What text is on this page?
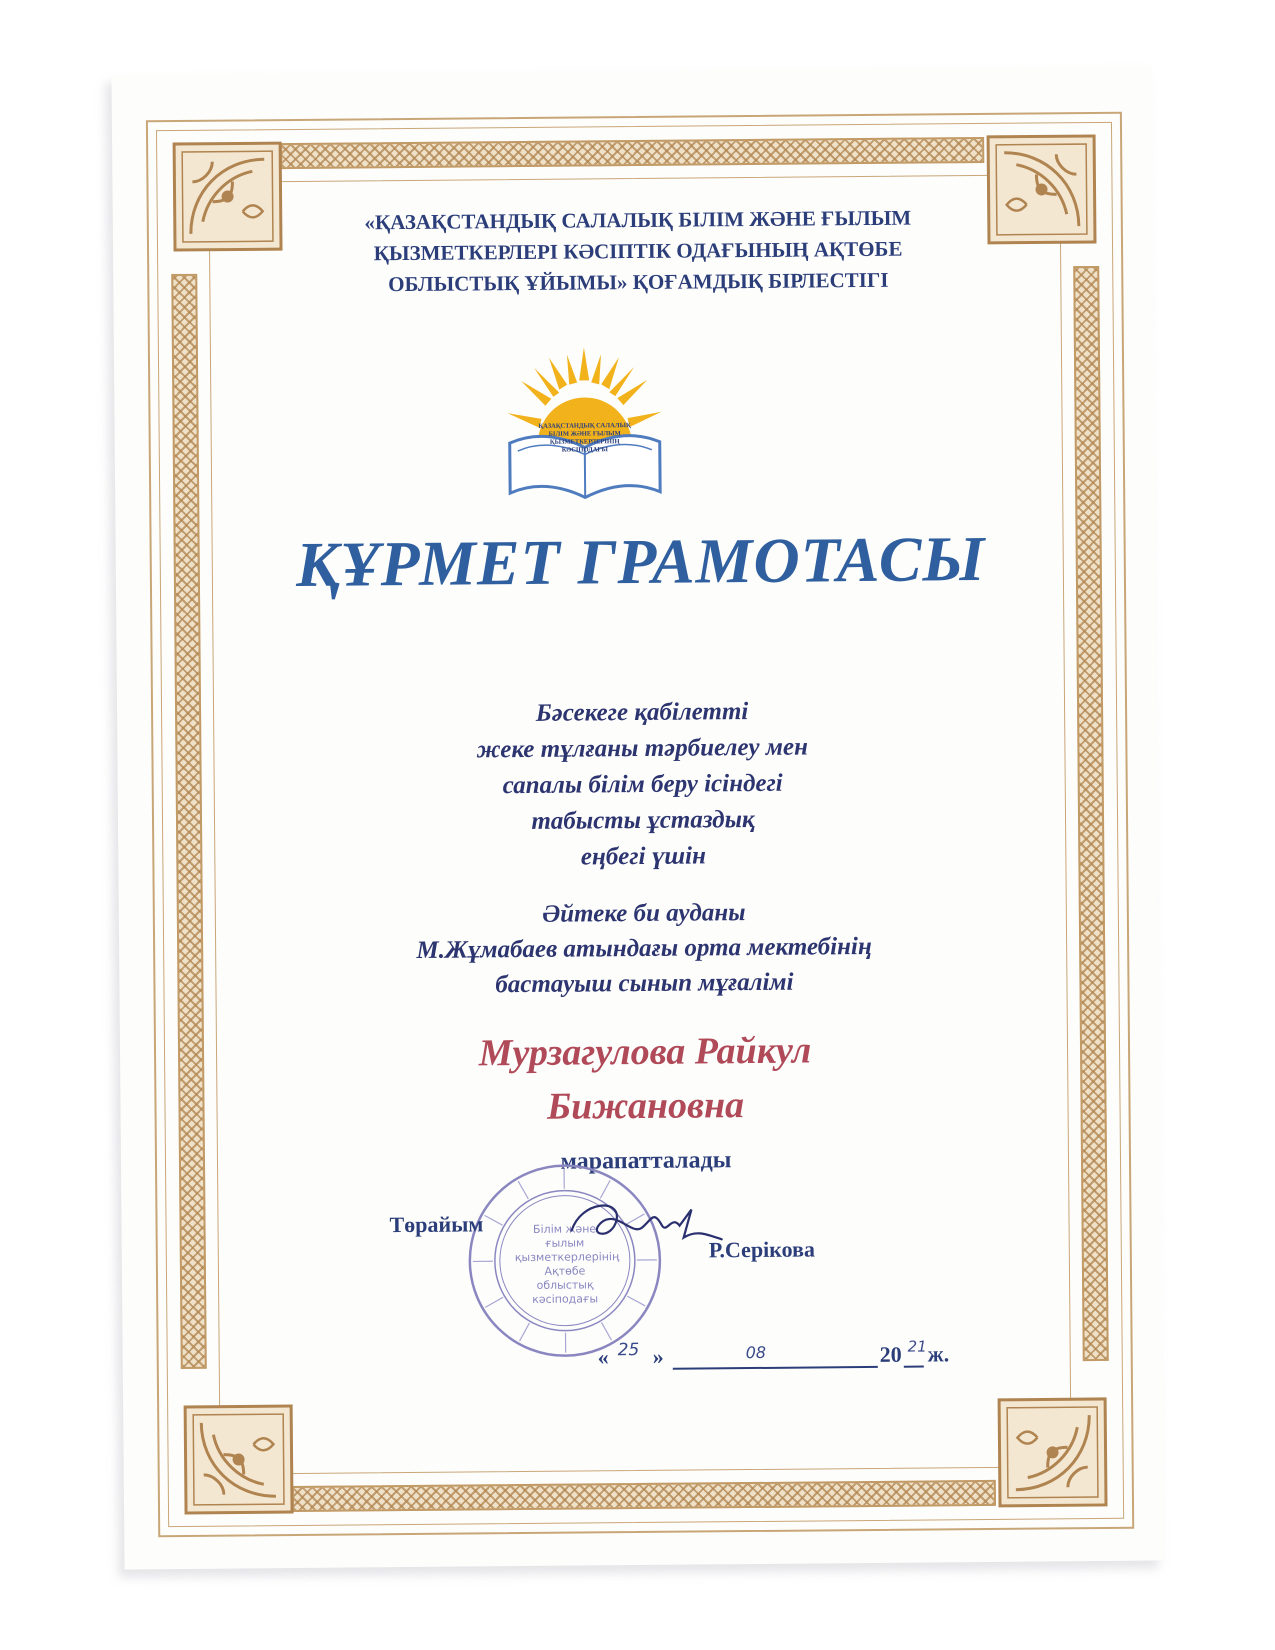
«ҚАЗАҚСТАНДЫҚ САЛАЛЫҚ БІЛІМ ЖӘНЕ ҒЫЛЫМ
ҚЫЗМЕТКЕРЛЕРІ КӘСІПТІК ОДАҒЫНЫҢ АҚТӨБЕ
ОБЛЫСТЫҚ ҰЙЫМЫ» ҚОҒАМДЫҚ БІРЛЕСТІГІ
ҚАЗАҚСТАНДЫҚ САЛАЛЫҚ
БІЛІМ ЖӘНЕ ҒЫЛЫМ
ҚЫЗМЕТКЕРЛЕРІНІҢ
КӘСІПОДАҒЫ
ҚҰРМЕТ ГРАМОТАСЫ
Бәсекеге қабілетті
жеке тұлғаны тәрбиелеу мен
сапалы білім беру ісіндегі
табысты ұстаздық
еңбегі үшін
Әйтеке би ауданы
М.Жұмабаев атындағы орта мектебінің
бастауыш сынып мұғалімі
Мурзагулова Райкул
Бижановна
марапатталады
Білім және
ғылым
қызметкерлерінің
Ақтөбе
облыстық
кәсіподағы
Төрайым
Р.Серікова
« 25 »	08	20 21 ж.
